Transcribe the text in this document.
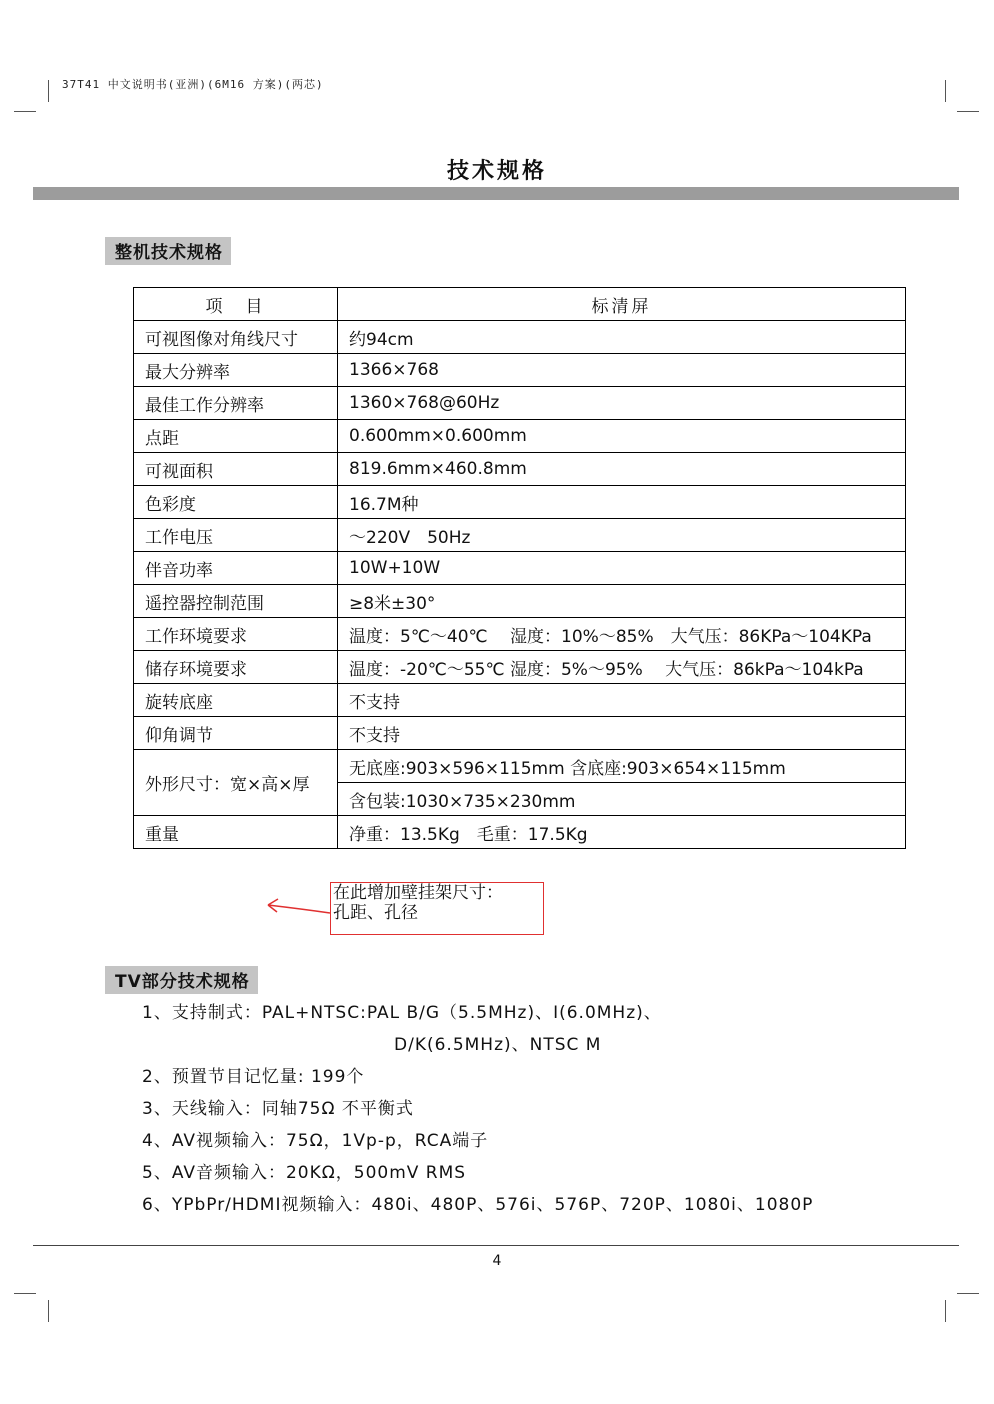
37T41 中文说明书(亚洲)(6M16 方案)(两芯)
技术规格
整机技术规格
项　目	标清屏
可视图像对角线尺寸	约94cm
最大分辨率	1366×768
最佳工作分辨率	1360×768@60Hz
点距	0.600mm×0.600mm
可视面积	819.6mm×460.8mm
色彩度	16.7M种
工作电压	～220V　50Hz
伴音功率	10W+10W
遥控器控制范围	≥8米±30°
工作环境要求	温度：5℃～40℃　 湿度：10%～85%　大气压：86KPa～104KPa
储存环境要求	温度：-20℃～55℃ 湿度：5%～95%　 大气压：86kPa～104kPa
旋转底座	不支持
仰角调节	不支持
外形尺寸：宽×高×厚	无底座:903×596×115mm 含底座:903×654×115mm
	含包装:1030×735×230mm
重量	净重：13.5Kg　毛重：17.5Kg
在此增加壁挂架尺寸：
孔距、孔径
TV部分技术规格
1、支持制式：PAL+NTSC:PAL B/G（5.5MHz)、I(6.0MHz)、
D/K(6.5MHz)、NTSC M
2、预置节目记忆量: 199个
3、天线输入：同轴75Ω 不平衡式
4、AV视频输入：75Ω，1Vp-p，RCA端子
5、AV音频输入：20KΩ，500mV RMS
6、YPbPr/HDMI视频输入：480i、480P、576i、576P、720P、1080i、1080P
4
